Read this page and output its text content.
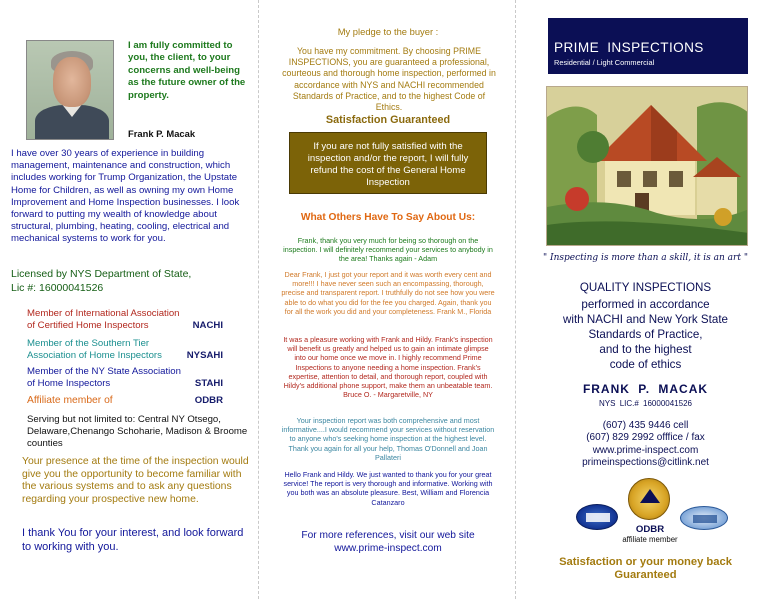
I am fully committed to you, the client, to your concerns and well-being as the future owner of the property.
Frank P. Macak
I have over 30 years of experience in building management, maintenance and construction, which includes working for Trump Organization, the Upstate Home for Children, as well as owning my own Home Improvement and Home Inspection businesses. I look forward to putting my wealth of knowledge about structural, plumbing, heating, cooling, electrical and mechanical systems to work for you.
Licensed by NYS Department of State,
Lic #: 16000041526
Member of International Association of Certified Home Inspectors	NACHI
Member of the Southern Tier Association of Home Inspectors	NYSAHI
Member of the NY State Association of Home Inspectors	STAHI
Affiliate member of	ODBR
Serving but not limited to: Central NY Otsego, Delaware,Chenango Schoharie, Madison & Broome counties
Your presence at the time of the inspection would give you the opportunity to become familiar with the various systems and to ask any questions regarding your prospective new home.
I thank You for your interest, and look forward to working with you.
My pledge to the buyer :
You have my commitment. By choosing PRIME INSPECTIONS, you are guaranteed a professional, courteous and thorough home inspection, performed in accordance with NYS and NACHI recommended Standards of Practice, and to the highest Code of Ethics.
Satisfaction Guaranteed
If you are not fully satisfied with the inspection and/or the report, I will fully refund the cost of the General Home Inspection
What Others Have To Say About Us:
Frank, thank you very much for being so thorough on the inspection. I will definitely recommend your services to anybody in the area! Thanks again - Adam
Dear Frank, I just got your report and it was worth every cent and more!!! I have never seen such an encompassing, thorough, precise and transparent report. I truthfully do not see how you were able to do what you did for the fee you charged. Again, thank you for all the work you did and your completeness. Frank M., Florida
It was a pleasure working with Frank and Hildy. Frank's inspection will benefit us greatly and helped us to gain an intimate glimpse into our home once we move in. I highly recommend Prime Inspections to anyone needing a home inspection. Frank's expertise, attention to detail, and thorough report, coupled with Hildy's additional phone support, make them an unbeatable team. Bruce O. - Margaretville, NY
Your inspection report was both comprehensive and most informative....I would recommend your services without reservation to anyone who's seeking home inspection at the highest level. Thank you again for all your help, Thomas O'Donnell and Joan Pallateri
Hello Frank and Hildy. We just wanted to thank you for your great service! The report is very thorough and informative. Working with you both was an absolute pleasure. Best, William and Florencia Catanzaro
For more references, visit our web site
www.prime-inspect.com
PRIME INSPECTIONS
Residential / Light Commercial
" Inspecting is more than a skill, it is an art "
QUALITY INSPECTIONS
performed in accordance
with NACHI and New York State
Standards of Practice,
and to the highest
code of ethics
FRANK P. MACAK
NYS LIC.# 16000041526
(607) 435 9446 cell
(607) 829 2992 offfice / fax
www.prime-inspect.com
primeinspections@citlink.net
ODBR
affiliate member
Satisfaction or your money back
Guaranteed
